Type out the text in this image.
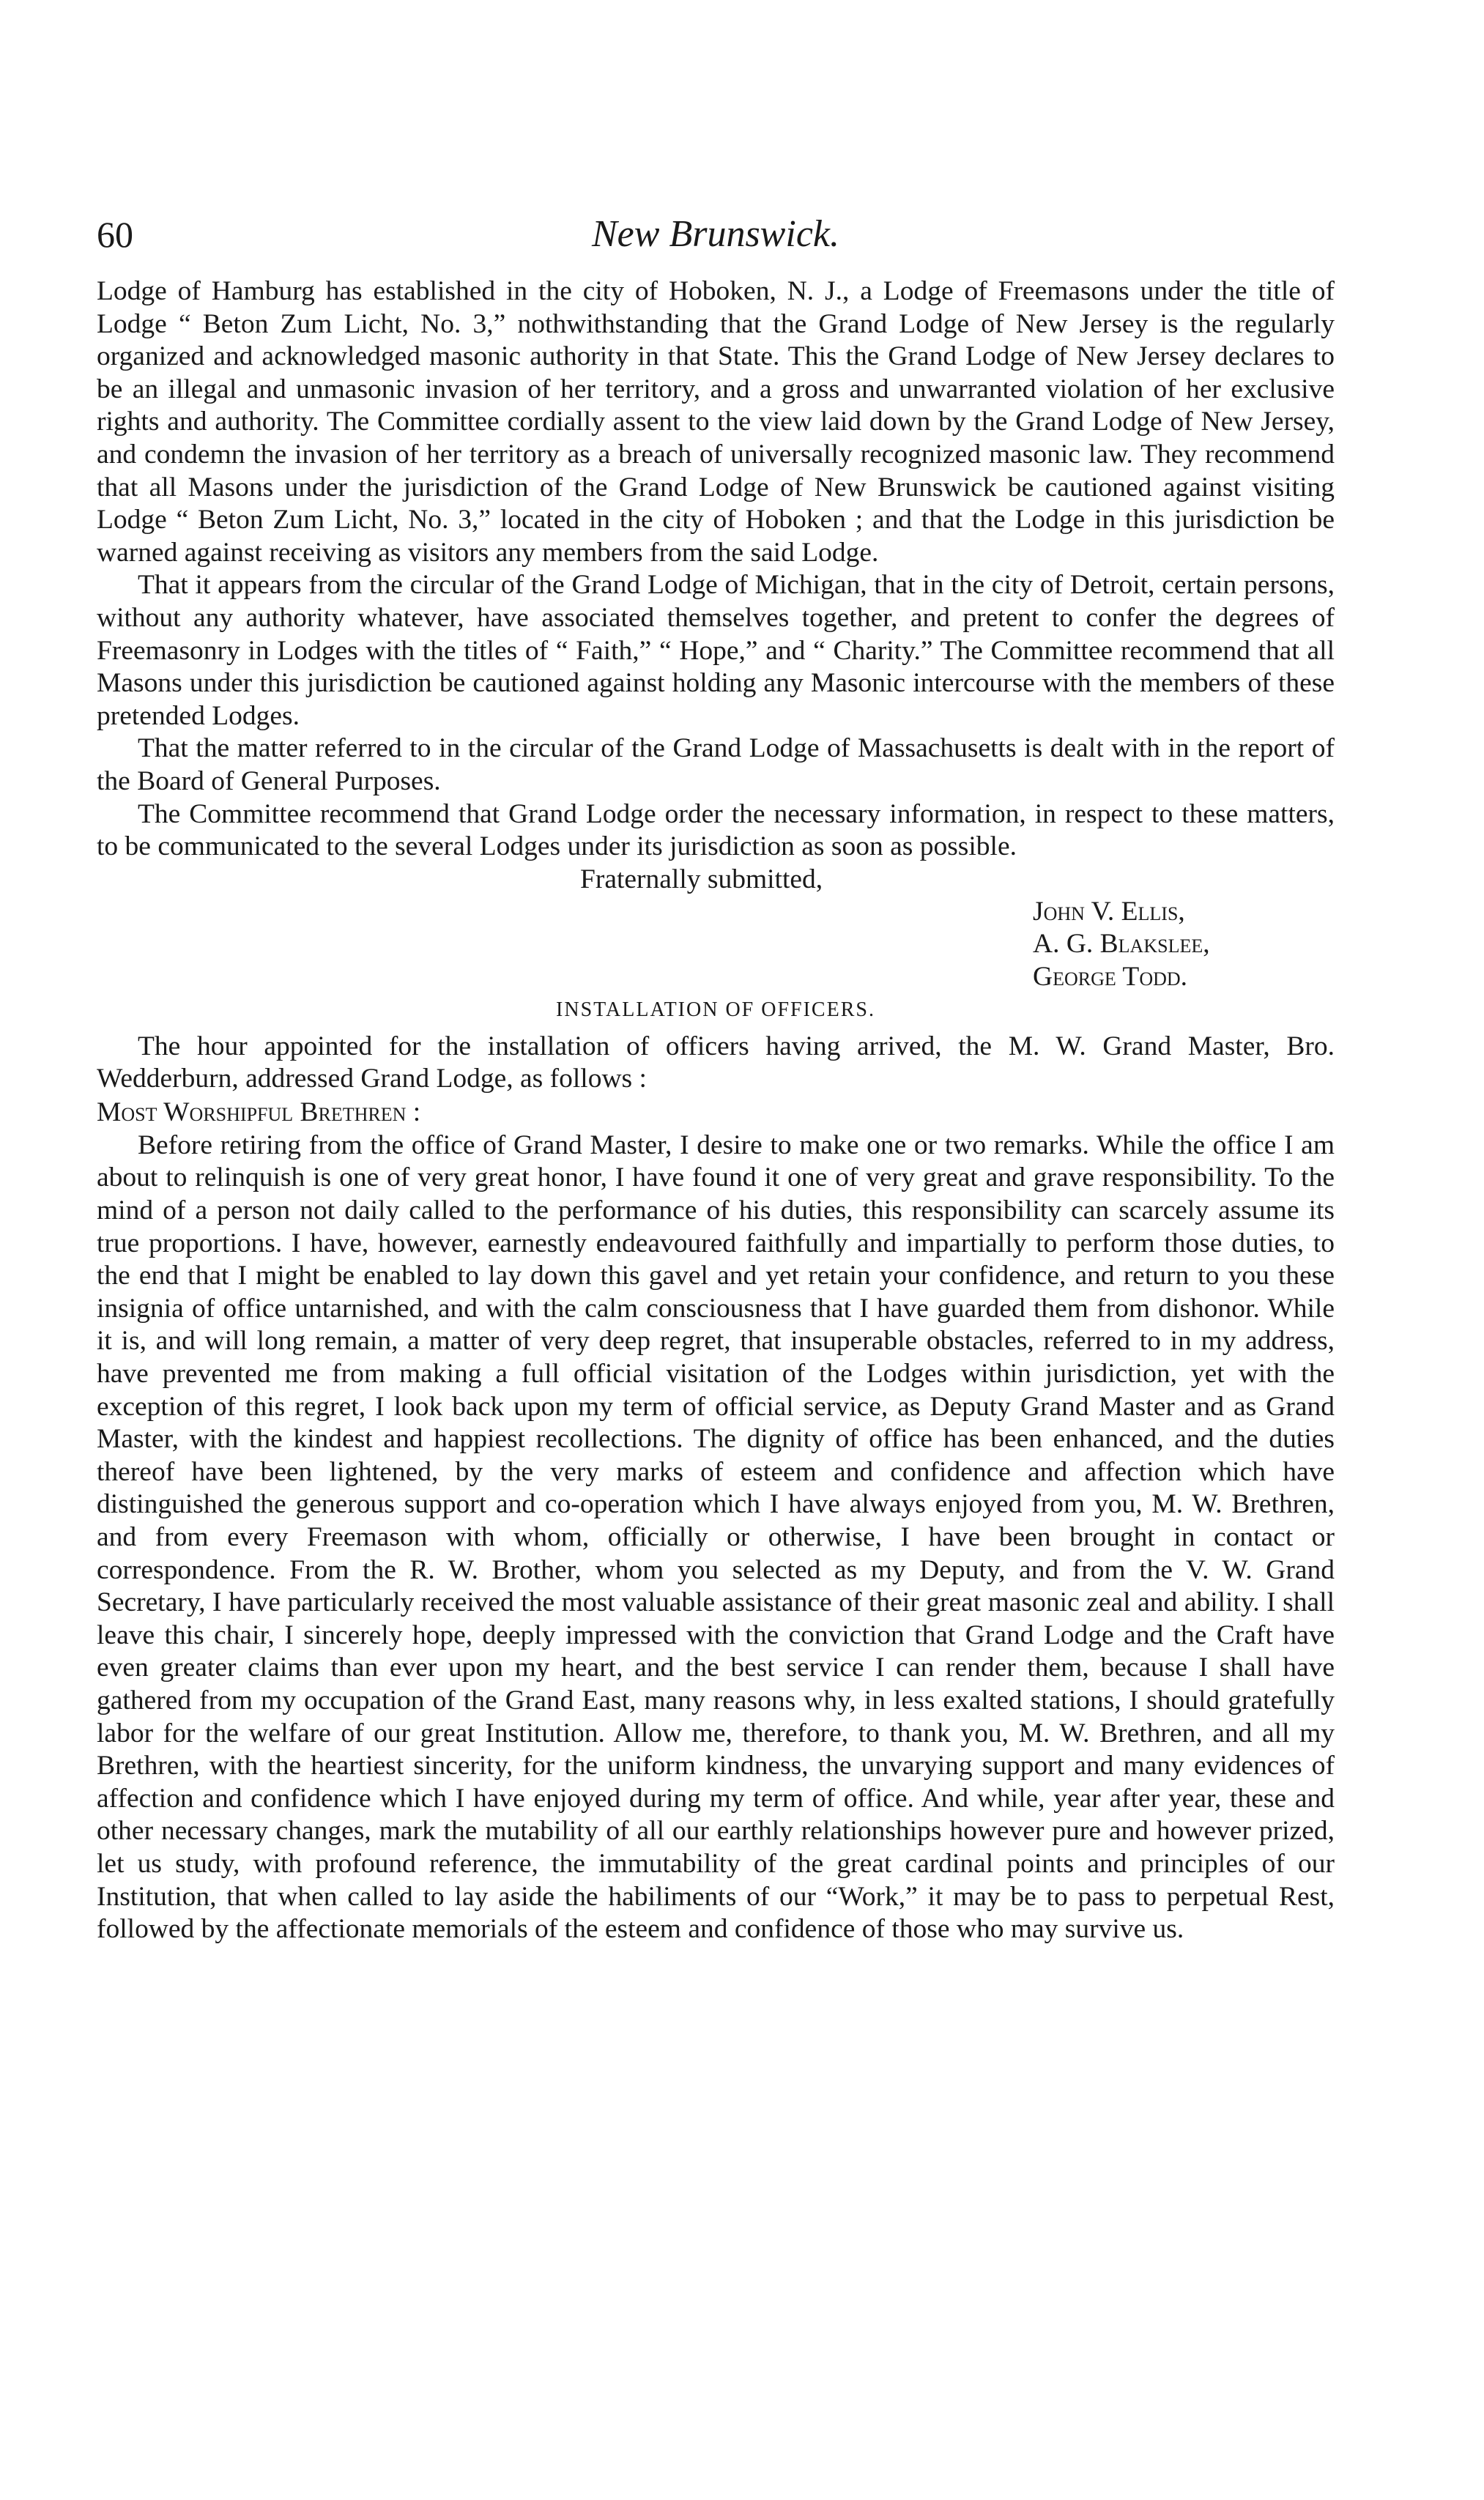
60	New Brunswick.

Lodge of Hamburg has established in the city of Hoboken, N. J., a Lodge of Freemasons under the title of Lodge “ Beton Zum Licht, No. 3,” nothwithstanding that the Grand Lodge of New Jersey is the regularly organized and acknowledged masonic authority in that State. This the Grand Lodge of New Jersey declares to be an illegal and unmasonic invasion of her territory, and a gross and unwarranted violation of her exclusive rights and authority. The Committee cordially assent to the view laid down by the Grand Lodge of New Jersey, and condemn the invasion of her territory as a breach of universally recognized masonic law. They recommend that all Masons under the jurisdiction of the Grand Lodge of New Brunswick be cautioned against visiting Lodge “ Beton Zum Licht, No. 3,” located in the city of Hoboken ; and that the Lodge in this jurisdiction be warned against receiving as visitors any members from the said Lodge.

That it appears from the circular of the Grand Lodge of Michigan, that in the city of Detroit, certain persons, without any authority whatever, have associated themselves together, and pretent to confer the degrees of Freemasonry in Lodges with the titles of “ Faith,” “ Hope,” and “ Charity.” The Committee recommend that all Masons under this jurisdiction be cautioned against holding any Masonic intercourse with the members of these pretended Lodges.

That the matter referred to in the circular of the Grand Lodge of Massachusetts is dealt with in the report of the Board of General Purposes.

The Committee recommend that Grand Lodge order the necessary information, in respect to these matters, to be communicated to the several Lodges under its jurisdiction as soon as possible.

Fraternally submitted,
John V. Ellis,
A. G. Blakslee,
George Todd.
INSTALLATION OF OFFICERS.

The hour appointed for the installation of officers having arrived, the M. W. Grand Master, Bro. Wedderburn, addressed Grand Lodge, as follows :

Most Worshipful Brethren :

Before retiring from the office of Grand Master, I desire to make one or two remarks. While the office I am about to relinquish is one of very great honor, I have found it one of very great and grave responsibility. To the mind of a person not daily called to the performance of his duties, this responsibility can scarcely assume its true proportions. I have, however, earnestly endeavoured faithfully and impartially to perform those duties, to the end that I might be enabled to lay down this gavel and yet retain your confidence, and return to you these insignia of office untarnished, and with the calm consciousness that I have guarded them from dishonor. While it is, and will long remain, a matter of very deep regret, that insuperable obstacles, referred to in my address, have prevented me from making a full official visitation of the Lodges within jurisdiction, yet with the exception of this regret, I look back upon my term of official service, as Deputy Grand Master and as Grand Master, with the kindest and happiest recollections. The dignity of office has been enhanced, and the duties thereof have been lightened, by the very marks of esteem and confidence and affection which have distinguished the generous support and co-operation which I have always enjoyed from you, M. W. Brethren, and from every Freemason with whom, officially or otherwise, I have been brought in contact or correspondence. From the R. W. Brother, whom you selected as my Deputy, and from the V. W. Grand Secretary, I have particularly received the most valuable assistance of their great masonic zeal and ability. I shall leave this chair, I sincerely hope, deeply impressed with the conviction that Grand Lodge and the Craft have even greater claims than ever upon my heart, and the best service I can render them, because I shall have gathered from my occupation of the Grand East, many reasons why, in less exalted stations, I should gratefully labor for the welfare of our great Institution. Allow me, therefore, to thank you, M. W. Brethren, and all my Brethren, with the heartiest sincerity, for the uniform kindness, the unvarying support and many evidences of affection and confidence which I have enjoyed during my term of office. And while, year after year, these and other necessary changes, mark the mutability of all our earthly relationships however pure and however prized, let us study, with profound reference, the immutability of the great cardinal points and principles of our Institution, that when called to lay aside the habiliments of our “Work,” it may be to pass to perpetual Rest, followed by the affectionate memorials of the esteem and confidence of those who may survive us.
